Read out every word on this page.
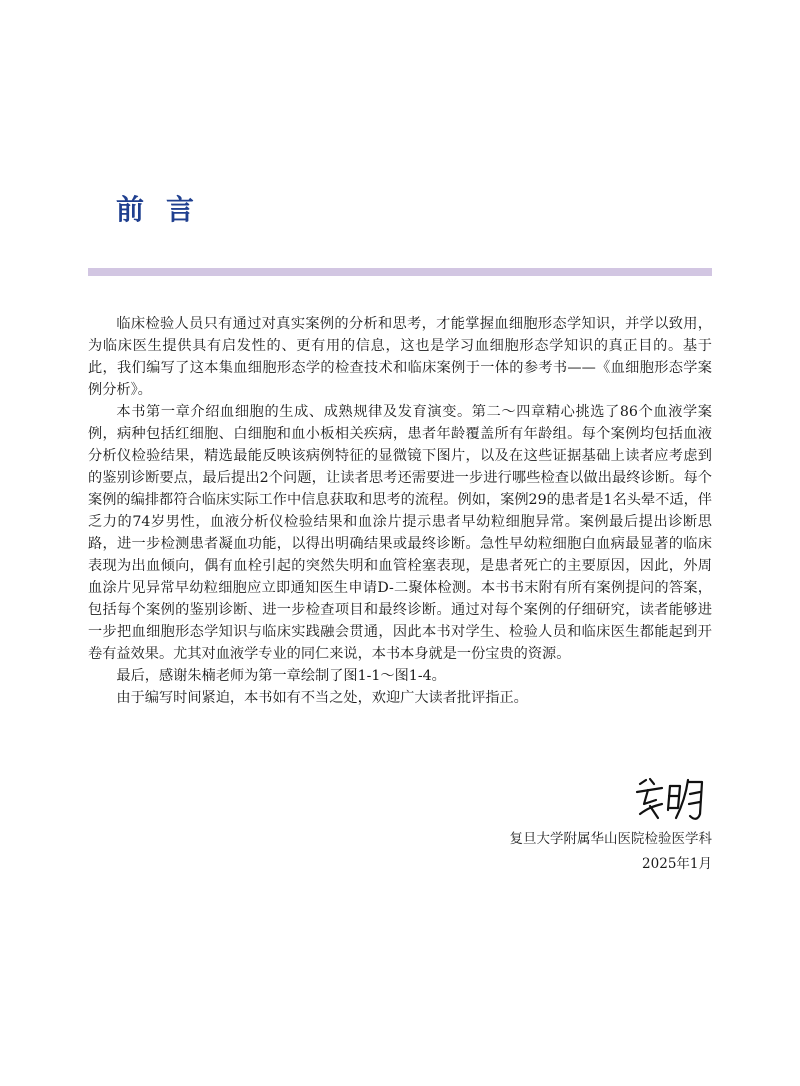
前言

临床检验人员只有通过对真实案例的分析和思考，才能掌握血细胞形态学知识，并学以致用，为临床医生提供具有启发性的、更有用的信息，这也是学习血细胞形态学知识的真正目的。基于此，我们编写了这本集血细胞形态学的检查技术和临床案例于一体的参考书——《血细胞形态学案例分析》。

本书第一章介绍血细胞的生成、成熟规律及发育演变。第二～四章精心挑选了86个血液学案例，病种包括红细胞、白细胞和血小板相关疾病，患者年龄覆盖所有年龄组。每个案例均包括血液分析仪检验结果，精选最能反映该病例特征的显微镜下图片，以及在这些证据基础上读者应考虑到的鉴别诊断要点，最后提出2个问题，让读者思考还需要进一步进行哪些检查以做出最终诊断。每个案例的编排都符合临床实际工作中信息获取和思考的流程。例如，案例29的患者是1名头晕不适，伴乏力的74岁男性，血液分析仪检验结果和血涂片提示患者早幼粒细胞异常。案例最后提出诊断思路，进一步检测患者凝血功能，以得出明确结果或最终诊断。急性早幼粒细胞白血病最显著的临床表现为出血倾向，偶有血栓引起的突然失明和血管栓塞表现，是患者死亡的主要原因，因此，外周血涂片见异常早幼粒细胞应立即通知医生申请D-二聚体检测。本书书末附有所有案例提问的答案，包括每个案例的鉴别诊断、进一步检查项目和最终诊断。通过对每个案例的仔细研究，读者能够进一步把血细胞形态学知识与临床实践融会贯通，因此本书对学生、检验人员和临床医生都能起到开卷有益效果。尤其对血液学专业的同仁来说，本书本身就是一份宝贵的资源。

最后，感谢朱楠老师为第一章绘制了图1-1～图1-4。

由于编写时间紧迫，本书如有不当之处，欢迎广大读者批评指正。

复旦大学附属华山医院检验医学科
2025年1月
